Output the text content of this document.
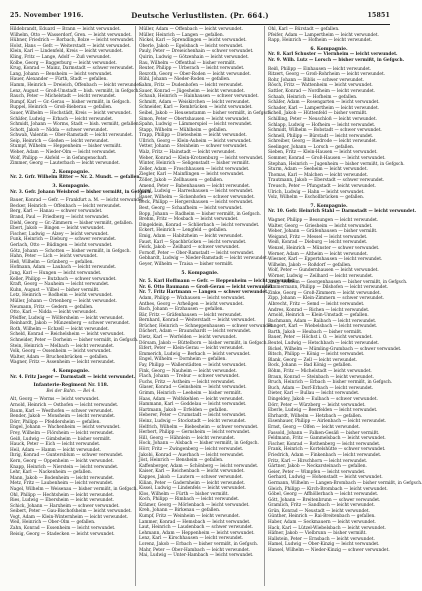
25. November 1916.	Deutsche Verlustlisten. (Pr. 664.)	15851
Hildebrandt, Eduard — Brann — leicht verwundet.
Wilhelm, Otto — Wasserdorf, Gren. — leicht verwundet.
Hübner, Friedrich — Rorbach, Bolze — leicht verwundet.
Holst, Hans — Gefr. — Weiterstadt — leicht verwundet.
Klein, Karl — Lindenfeld, Kreis — leicht verwundet.
Kling, Fritz — Lange, Adolf — Zuß verwundet.
Kolbe, Georg — Baggerburg — leicht verwundet.
Krug, Konrad — Mainz, Darmstadt — schwer verwundet.
Lang, Johann — Bensheim — leicht verwundet.
Hauer, Alexander — Fürth, Stadt — gefallen.
Hamm, Heinrich — Dreieich, Offenbach — leicht verwundet.
Lenz, August — Groß-Umstadt — bish. vermißt, in Gefgsch.
Rauch, Peter — Michelstadt — leicht verwundet.
Rumpf, Karl — Gr.-Gerau — bisher vermißt, in Gefgsch.
Ruppel, Heinrich — Groß-Bieberau — gefallen.
Sauer, Wilhelm — Hochstädt, Kreis — leicht verwundet.
Schäfer, Ludwig — Erbach — leicht verwundet.
Schmidt, Johann — Worms, Stadt — bish. vermißt, gefallen.
Schott, Jakob — Nidda — schwer verwundet.
Schwab, Valentin — Ober-Ramstadt — leicht verwundet.
Seip, Heinrich — Gießen — leicht verwundet.
Stumpf, Wilhelm — Heppenheim — bisher vermißt.
Weber, Adam — Nieder-Olm — leicht verwundet.
Wolf, Philipp — Alsfeld — in Gefangenschaft.
Zimmer, Georg — Lauterbach — leicht verwundet.
2. Kompagnie.
Nr. 2. Grfr. Wilhelm Ritter — Nr. 2. Mundt. — gefallen.
3. Kompagnie.
Nr. 3. Gefr. Johann Weisbrod — bisher vermißt, in Gefgsch.
Bauer, Konrad — Gefr. — Frankfurt a. M. — leicht verwundet.
Becker, Heinrich — Offenbach — leicht verwundet.
Berg, Karl — Hanau — schwer verwundet.
Brand, Paul — Friedberg — leicht verwundet.
Diehl, Georg — Gr.-Zimmern — bisher vermißt, gefallen.
Ebert, Jakob — Bingen — leicht verwundet.
Fischer, Ludwig — Alzey — leicht verwundet.
Funk, Heinrich — Dieburg — schwer verwundet.
Gerlach, Otto — Büdingen — leicht verwundet.
Götz, Johann — Schotten — bisher vermißt, in Gefgsch.
Hahn, Peter — Lich — leicht verwundet.
Heß, Wilhelm — Grünberg — gefallen.
Hofmann, Adam — Laubach — leicht verwundet.
Jung, Karl — Hungen — leicht verwundet.
Keller, Philipp — Butzbach — schwer verwundet.
Kraft, Georg — Nauheim — leicht verwundet.
Kuhn, August — Vilbel — bisher vermißt.
Lotz, Heinrich — Rodheim — leicht verwundet.
Müller, Johann — Ortenberg — leicht verwundet.
Neumann, Fritz — Gedern — gefallen.
Otto, Karl — Nidda — leicht verwundet.
Pfeiffer, Ludwig — Wölfersheim — leicht verwundet.
Reinhardt, Jakob — Münzenberg — schwer verwundet.
Roth, Wilhelm — Echzell — leicht verwundet.
Scheld, Konrad — Reichelsheim — leicht verwundet.
Schneider, Peter — Dorheim — bisher vermißt, in Gefgsch.
Stein, Heinrich — Melbach — leicht verwundet.
Volk, Georg — Ossenheim — leicht verwundet.
Walter, Adam — Bruchenbrücken — gefallen.
Wagner, Fritz — Assenheim — leicht verwundet.
4. Kompagnie.
Nr. 4. Fritz Jaeger — Darmstadt — leicht verwundet.
Infanterie-Regiment Nr. 118.
Bei der Bahn. — Bei 4.
Alt, Georg — Worms — leicht verwundet.
Arnold, Heinrich — Osthofen — leicht verwundet.
Baum, Karl — Westhofen — schwer verwundet.
Bender, Jakob — Monsheim — leicht verwundet.
Dörr, Philipp — Pfeddersheim — gefallen.
Engel, Johann — Wachenheim — leicht verwundet.
Frey, Wilhelm — Flörsheim — leicht verwundet.
Geiß, Ludwig — Gimbsheim — bisher vermißt.
Hauck, Peter — Eich — leicht verwundet.
Heil, Adam — Hamm — leicht verwundet.
Ihrig, Konrad — Guntersblum — schwer verwundet.
Kern, Georg — Oppenheim — leicht verwundet.
Knapp, Heinrich — Nierstein — leicht verwundet.
Lehr, Karl — Nackenheim — gefallen.
Mann, Jakob — Bodenheim — leicht verwundet.
Metz, Fritz — Laubenheim — leicht verwundet.
Nagel, Wilhelm — Weisenau — bisher vermißt, in Gefgsch.
Ohl, Philipp — Hechtsheim — leicht verwundet.
Ries, Ludwig — Ebersheim — leicht verwundet.
Schick, Johann — Harxheim — schwer verwundet.
Seibert, Peter — Gau-Bischofsheim — leicht verwundet.
Vogt, Adam — Klein-Winternheim — leicht verwundet.
Weil, Heinrich — Ober-Olm — gefallen.
Zahn, Konrad — Essenheim — leicht verwundet.
Reisig, Georg — Stadecken — leicht verwundet.
Müller, Adam — Offenbach — leicht verwundet.
Müller, Heinrich — Langen — gefallen.
Nickel, Karl — Sprendlingen — leicht verwundet.
Oberle, Jakob — Egelsbach — leicht verwundet.
Pauly, Peter — Dreieichenhain — schwer verwundet.
Quirin, Ludwig — Götzenhain — leicht verwundet.
Rau, Wilhelm — Offenthal — bisher vermißt.
Reuter, Philipp — Urberach — leicht verwundet.
Rexroth, Georg — Ober-Roden — leicht verwundet.
Rühl, Johann — Nieder-Roden — gefallen.
Sahm, Fritz — Dudenhofen — leicht verwundet.
Sauer, Konrad — Jügesheim — leicht verwundet.
Schaub, Heinrich — Hainhausen — schwer verwundet.
Schmitt, Adam — Weiskirchen — leicht verwundet.
Schneider, Karl — Rembrücken — leicht verwundet.
Seibel, Jakob — Heusenstamm — bisher vermißt, in Gefgsch.
Simon, Peter — Obertshausen — leicht verwundet.
Spahn, Ludwig — Lämmerspiel — leicht verwundet.
Stapp, Wilhelm — Mühlheim — gefallen.
Trapp, Philipp — Dietesheim — leicht verwundet.
Ullrich, Georg — Klein-Auheim — leicht verwundet.
Vetter, Johann — Steinheim — schwer verwundet.
Walz, Fritz — Hainstadt — leicht verwundet.
Weber, Konrad — Klein-Krotzenburg — leicht verwundet.
Winter, Heinrich — Seligenstadt — bisher vermißt.
Zeller, Adam — Froschhausen — leicht verwundet.
Ziegler, Karl — Mainflingen — leicht verwundet.
Zöller, Jakob — Zellhausen — gefallen.
Amend, Peter — Babenhausen — leicht verwundet.
Appel, Ludwig — Harreshausen — leicht verwundet.
Bauer, Wilhelm — Sickenhofen — schwer verwundet.
Beck, Philipp — Hergershausen — leicht verwundet.
Best, Georg — Schaafheim — leicht verwundet.
Bopp, Johann — Radheim — bisher vermißt, in Gefgsch.
Brehm, Fritz — Mosbach — leicht verwundet.
Dingeldein, Konrad — Schlierbach — leicht verwundet.
Eckert, Heinrich — Lengfeld — gefallen.
Emig, Adam — Habitzheim — leicht verwundet.
Faust, Karl — Spachbrücken — leicht verwundet.
Feick, Jakob — Zeilhard — schwer verwundet.
Fornoff, Peter — Ober-Ramstadt — leicht verwundet.
Gebhardt, Ludwig — Nieder-Ramstadt — leicht verwundet.
Geyer, Wilhelm — Traisa — bisher vermißt.
5. Kompagnie.
Nr. 5. Karl Hoffmann — Gefr. — Heppenheim — leicht verwundet.
Nr. 6. Otto Baumann — Groß-Gerau — leicht verwundet.
Nr. 7. Fritz Hartmann — Langen — schwer verwundet.
Adam, Philipp — Wixhausen — leicht verwundet.
Anthes, Georg — Arheilgen — leicht verwundet.
Bach, Johann — Erzhausen — gefallen.
Bär, Fritz — Gräfenhausen — leicht verwundet.
Bernhard, Konrad — Weiterstadt — leicht verwundet.
Brücher, Heinrich — Schneppenhausen — schwer verwundet.
Dächert, Adam — Braunshardt — leicht verwundet.
Dietz, Karl — Worfelden — leicht verwundet.
Dörsam, Jakob — Büttelborn — bisher vermißt, in Gefgsch.
Eifert, Peter — Klein-Gerau — leicht verwundet.
Emmerich, Ludwig — Berkach — leicht verwundet.
Engel, Wilhelm — Dornheim — gefallen.
Fay, Philipp — Wallerstädten — leicht verwundet.
Fink, Georg — Nauheim — leicht verwundet.
Flach, Johann — Trebur — schwer verwundet.
Fuchs, Fritz — Astheim — leicht verwundet.
Glaser, Konrad — Geinsheim — leicht verwundet.
Grimm, Heinrich — Leeheim — bisher vermißt.
Haas, Adam — Wolfskehlen — leicht verwundet.
Hammann, Karl — Goddelau — leicht verwundet.
Hartmann, Jakob — Erfelden — gefallen.
Heberer, Peter — Crumstadt — leicht verwundet.
Heinz, Ludwig — Stockstadt — leicht verwundet.
Helfrich, Wilhelm — Biebesheim — schwer verwundet.
Herbert, Philipp — Gernsheim — leicht verwundet.
Hill, Georg — Hähnlein — leicht verwundet.
Hock, Johann — Alsbach — bisher vermißt, in Gefgsch.
Hörr, Fritz — Zwingenberg — leicht verwundet.
Jakobi, Konrad — Auerbach — leicht verwundet.
Jöst, Heinrich — Bensheim — gefallen.
Kaffenberger, Adam — Schönberg — leicht verwundet.
Kaiser, Karl — Reichenbach — leicht verwundet.
Kappes, Jakob — Lautern — schwer verwundet.
Kilian, Peter — Gadernheim — leicht verwundet.
Kissel, Ludwig — Lindenfels — leicht verwundet.
Klos, Wilhelm — Fürth — bisher vermißt.
Koch, Philipp — Rimbach — leicht verwundet.
Krämer, Georg — Mörlenbach — leicht verwundet.
Kreh, Johann — Birkenau — gefallen.
Kumpf, Fritz — Weinheim — leicht verwundet.
Lammer, Konrad — Hemsbach — leicht verwundet.
Laut, Heinrich — Laudenbach — schwer verwundet.
Lehmann, Adam — Heppenheim — leicht verwundet.
Lenz, Karl — Kirschhausen — leicht verwundet.
Lorenz, Jakob — Erbach — bisher vermißt, in Gefgsch.
Mahr, Peter — Ober-Hambach — leicht verwundet.
Mai, Ludwig — Unter-Hambach — leicht verwundet.
Ohl, Karl — Bürstadt — gefallen.
Pfeifer, Adam — Lampertheim — leicht verwundet.
Rapp, Heinrich — Hofheim — leicht verwundet.
6. Kompagnie.
Nr. 8. Karl Schuster — Viernheim — leicht verwundet.
Nr. 9. Wilh. Lutz — Lorsch — bisher vermißt, in Gefgsch.
Reiß, Philipp — Einhausen — leicht verwundet.
Ritzert, Georg — Groß-Rohrheim — leicht verwundet.
Rohr, Johann — Biblis — schwer verwundet.
Rösch, Fritz — Wattenheim — leicht verwundet.
Sattler, Konrad — Nordheim — leicht verwundet.
Schaab, Heinrich — Hofheim — gefallen.
Schäfer, Adam — Rosengarten — leicht verwundet.
Schader, Karl — Lampertheim — leicht verwundet.
Schell, Jakob — Hüttenfeld — bisher vermißt.
Schilling, Peter — Neuschloß — leicht verwundet.
Schlapp, Ludwig — Hofheim — leicht verwundet.
Schmidt, Wilhelm — Bobstadt — schwer verwundet.
Schnell, Philipp — Bürstadt — leicht verwundet.
Schreiber, Georg — Riedrode — leicht verwundet.
Seelinger, Johann — Lorsch — gefallen.
Sieben, Fritz — Klein-Hausen — leicht verwundet.
Sommer, Konrad — Groß-Hausen — leicht verwundet.
Stephan, Heinrich — Jugenheim — bisher vermißt, in Gefgsch.
Sturm, Adam — Seeheim — leicht verwundet.
Thomas, Karl — Malchen — leicht verwundet.
Trautmann, Jakob — Eberstadt — schwer verwundet.
Treusch, Peter — Pfungstadt — leicht verwundet.
Ulrich, Ludwig — Hahn — leicht verwundet.
Volz, Wilhelm — Eschollbrücken — gefallen.
7. Kompagnie.
Nr. 10. Gefr. Heinrich Stahl — Darmstadt — leicht verwundet.
Wagner, Philipp — Bessungen — leicht verwundet.
Walter, Georg — Griesheim — leicht verwundet.
Weber, Johann — Gräfenhausen — bisher vermißt.
Weigand, Fritz — Messel — leicht verwundet.
Weiß, Konrad — Dieburg — leicht verwundet.
Wenzel, Heinrich — Münster — schwer verwundet.
Werner, Adam — Altheim — leicht verwundet.
Wiesner, Karl — Eppertshausen — leicht verwundet.
Wilhelm, Jakob — Roßdorf — gefallen.
Wolf, Peter — Gundernhausen — leicht verwundet.
Wörner, Ludwig — Zeilhard — leicht verwundet.
Zang, Wilhelm — Georgenhausen — bisher vermißt, in Gefgsch.
Zimmermann, Philipp — Dilshofen — leicht verwundet.
Zinke, Georg — Groß-Zimmern — leicht verwundet.
Zipp, Johann — Klein-Zimmern — schwer verwundet.
Albrecht, Fritz — Semd — leicht verwundet.
Andres, Konrad — Richen — leicht verwundet.
Arnold, Heinrich — Klein-Umstadt — gefallen.
Bachmann, Adam — Raibach — leicht verwundet.
Bangert, Karl — Wiebelsbach — leicht verwundet.
Barth, Jakob — Heubach — bisher vermißt.
Bauer, Peter — Höchst i. O. — leicht verwundet.
Beutel, Ludwig — Hetschbach — leicht verwundet.
Bickel, Wilhelm — Mümling-Grumbach — schwer verwundet.
Bitsch, Philipp — König — leicht verwundet.
Blank, Georg — Zell — leicht verwundet.
Bock, Johann — Bad König — gefallen.
Böhm, Fritz — Michelstadt — leicht verwundet.
Braun, Konrad — Steinbach — leicht verwundet.
Bruch, Heinrich — Erbach — bisher vermißt, in Gefgsch.
Buch, Adam — Dorf-Erbach — leicht verwundet.
Dieter, Karl — Bullau — leicht verwundet.
Dingeldey, Jakob — Eulbach — schwer verwundet.
Dörr, Peter — Würzberg — leicht verwundet.
Eberle, Ludwig — Beerfelden — leicht verwundet.
Ehrhardt, Wilhelm — Hetzbach — gefallen.
Eisenhauer, Philipp — Airlenbach — leicht verwundet.
Ernst, Georg — Olfen — leicht verwundet.
Fassold, Johann — Falken-Gesäß — bisher vermißt.
Feldmann, Fritz — Gammelsbach — leicht verwundet.
Fischer, Konrad — Rothenberg — leicht verwundet.
Frank, Heinrich — Kortelshütte — schwer verwundet.
Friedrich, Adam — Finkenbach — leicht verwundet.
Fritz, Karl — Hirschhorn — leicht verwundet.
Gärtner, Jakob — Neckarsteinach — gefallen.
Geier, Peter — Wimpfen — leicht verwundet.
Gerhard, Ludwig — Hohenstadt — leicht verwundet.
Germann, Wilhelm — Langen-Brombach — bisher vermißt, in Gefgsch.
Gleich, Philipp — Kirch-Brombach — leicht verwundet.
Göbel, Georg — Affhöllerbach — leicht verwundet.
Gött, Johann — Breitenbrunn — schwer verwundet.
Gramlich, Fritz — Sandbach — leicht verwundet.
Grün, Konrad — Neustadt — leicht verwundet.
Günther, Heinrich — Rai-Breitenbach — gefallen.
Haber, Adam — Seckmauern — leicht verwundet.
Hack, Karl — Lützel-Wiebelsbach — leicht verwundet.
Häfner, Jakob — Vielbrunn — bisher vermißt.
Hallstein, Peter — Ernsbach — leicht verwundet.
Hamel, Ludwig — Ober-Kinzig — leicht verwundet.
Hansel, Wilhelm — Nieder-Kinzig — schwer verwundet.
